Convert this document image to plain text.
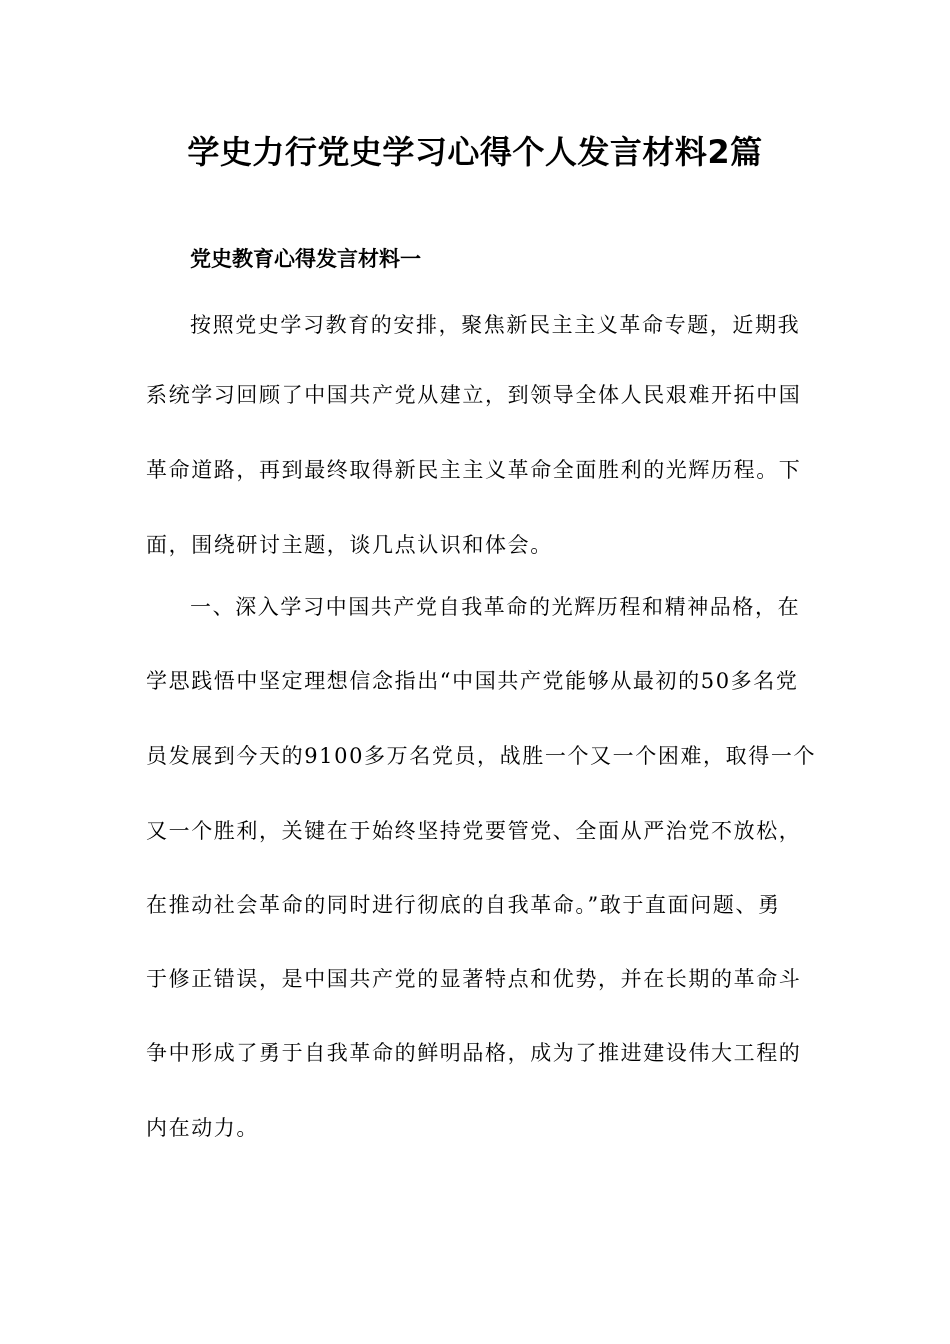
学史力行党史学习心得个人发言材料2篇
党史教育心得发言材料一
按照党史学习教育的安排，聚焦新民主主义革命专题，近期我
系统学习回顾了中国共产党从建立，到领导全体人民艰难开拓中国
革命道路，再到最终取得新民主主义革命全面胜利的光辉历程。下
面，围绕研讨主题，谈几点认识和体会。
一、深入学习中国共产党自我革命的光辉历程和精神品格，在
学思践悟中坚定理想信念指出“中国共产党能够从最初的50多名党
员发展到今天的9100多万名党员，战胜一个又一个困难，取得一个
又一个胜利，关键在于始终坚持党要管党、全面从严治党不放松，
在推动社会革命的同时进行彻底的自我革命。”敢于直面问题、勇
于修正错误，是中国共产党的显著特点和优势，并在长期的革命斗
争中形成了勇于自我革命的鲜明品格，成为了推进建设伟大工程的
内在动力。
